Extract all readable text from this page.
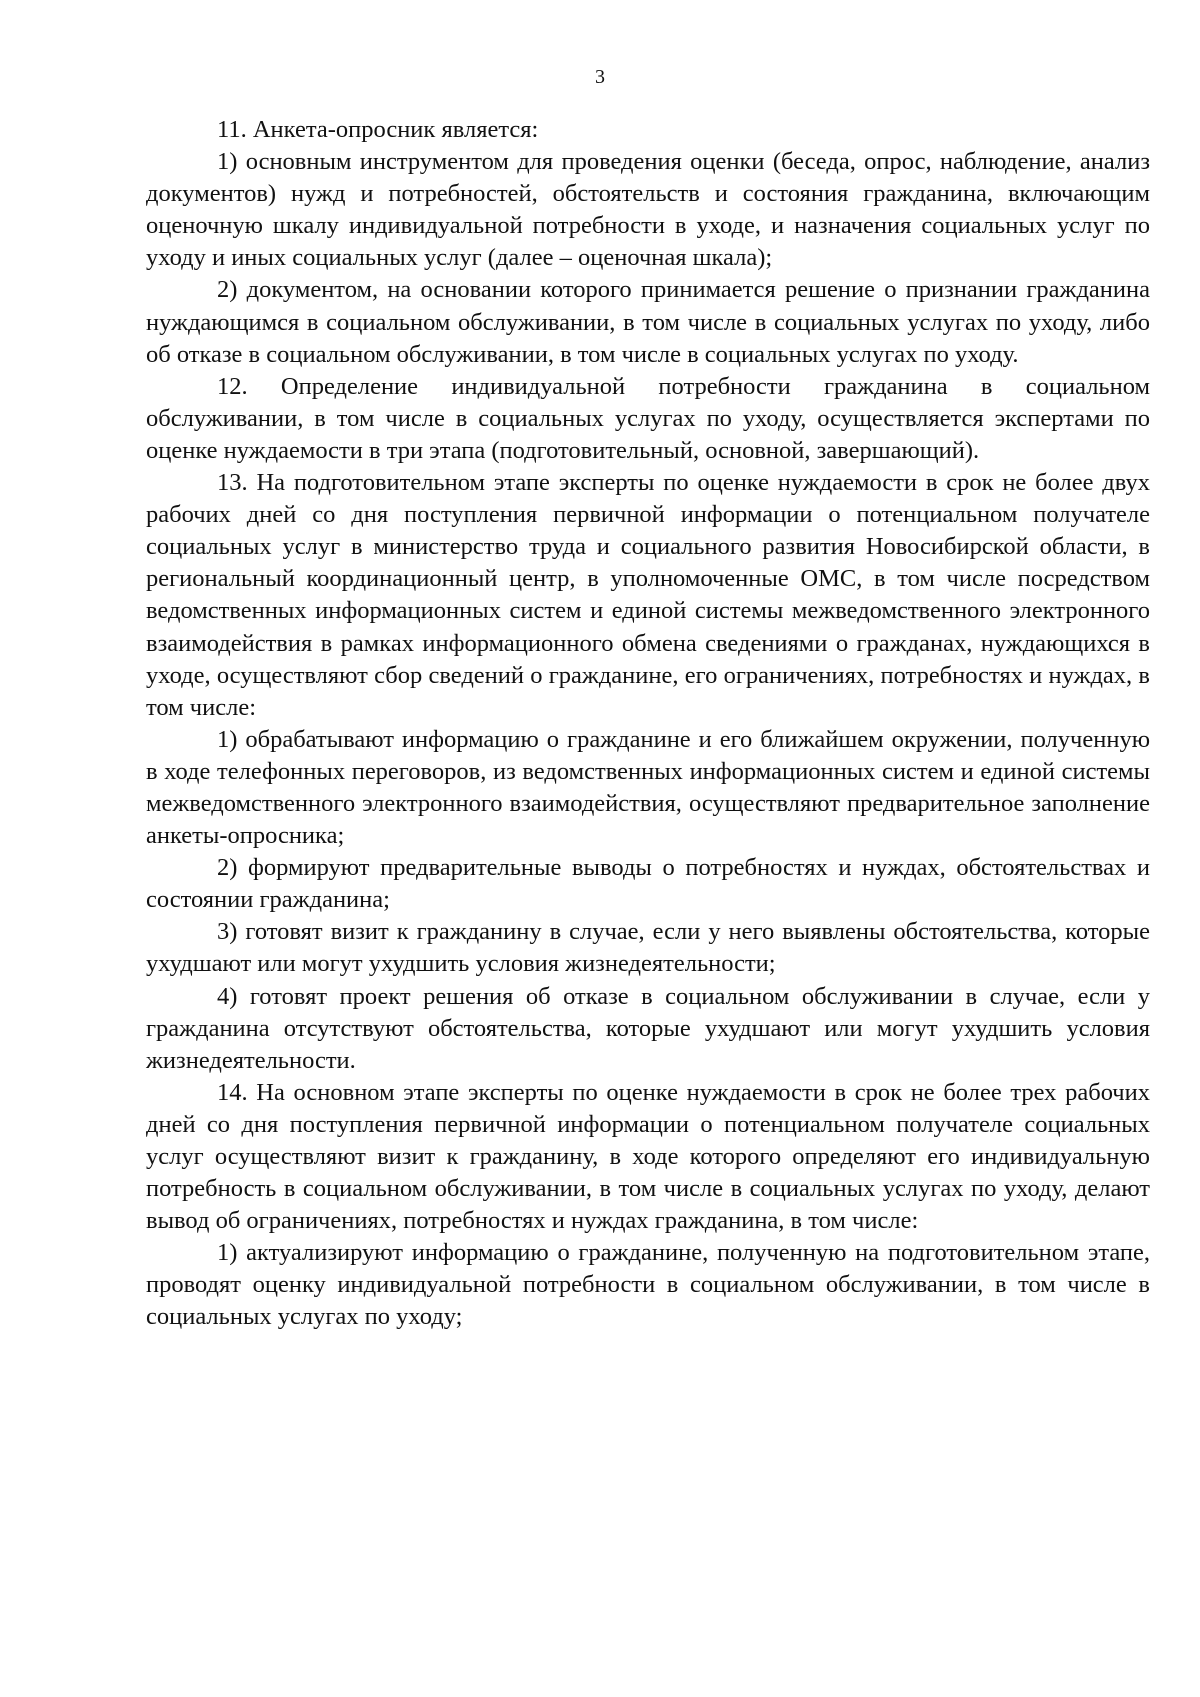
3

11. Анкета-опросник является:

1) основным инструментом для проведения оценки (беседа, опрос, наблюдение, анализ документов) нужд и потребностей, обстоятельств и состояния гражданина, включающим оценочную шкалу индивидуальной потребности в уходе, и назначения социальных услуг по уходу и иных социальных услуг (далее – оценочная шкала);

2) документом, на основании которого принимается решение о признании гражданина нуждающимся в социальном обслуживании, в том числе в социальных услугах по уходу, либо об отказе в социальном обслуживании, в том числе в социальных услугах по уходу.

12. Определение индивидуальной потребности гражданина в социальном обслуживании, в том числе в социальных услугах по уходу, осуществляется экспертами по оценке нуждаемости в три этапа (подготовительный, основной, завершающий).

13. На подготовительном этапе эксперты по оценке нуждаемости в срок не более двух рабочих дней со дня поступления первичной информации о потенциальном получателе социальных услуг в министерство труда и социального развития Новосибирской области, в региональный координационный центр, в уполномоченные ОМС, в том числе посредством ведомственных информационных систем и единой системы межведомственного электронного взаимодействия в рамках информационного обмена сведениями о гражданах, нуждающихся в уходе, осуществляют сбор сведений о гражданине, его ограничениях, потребностях и нуждах, в том числе:

1) обрабатывают информацию о гражданине и его ближайшем окружении, полученную в ходе телефонных переговоров, из ведомственных информационных систем и единой системы межведомственного электронного взаимодействия, осуществляют предварительное заполнение анкеты-опросника;

2) формируют предварительные выводы о потребностях и нуждах, обстоятельствах и состоянии гражданина;

3) готовят визит к гражданину в случае, если у него выявлены обстоятельства, которые ухудшают или могут ухудшить условия жизнедеятельности;

4) готовят проект решения об отказе в социальном обслуживании в случае, если у гражданина отсутствуют обстоятельства, которые ухудшают или могут ухудшить условия жизнедеятельности.

14. На основном этапе эксперты по оценке нуждаемости в срок не более трех рабочих дней со дня поступления первичной информации о потенциальном получателе социальных услуг осуществляют визит к гражданину, в ходе которого определяют его индивидуальную потребность в социальном обслуживании, в том числе в социальных услугах по уходу, делают вывод об ограничениях, потребностях и нуждах гражданина, в том числе:

1) актуализируют информацию о гражданине, полученную на подготовительном этапе, проводят оценку индивидуальной потребности в социальном обслуживании, в том числе в социальных услугах по уходу;
